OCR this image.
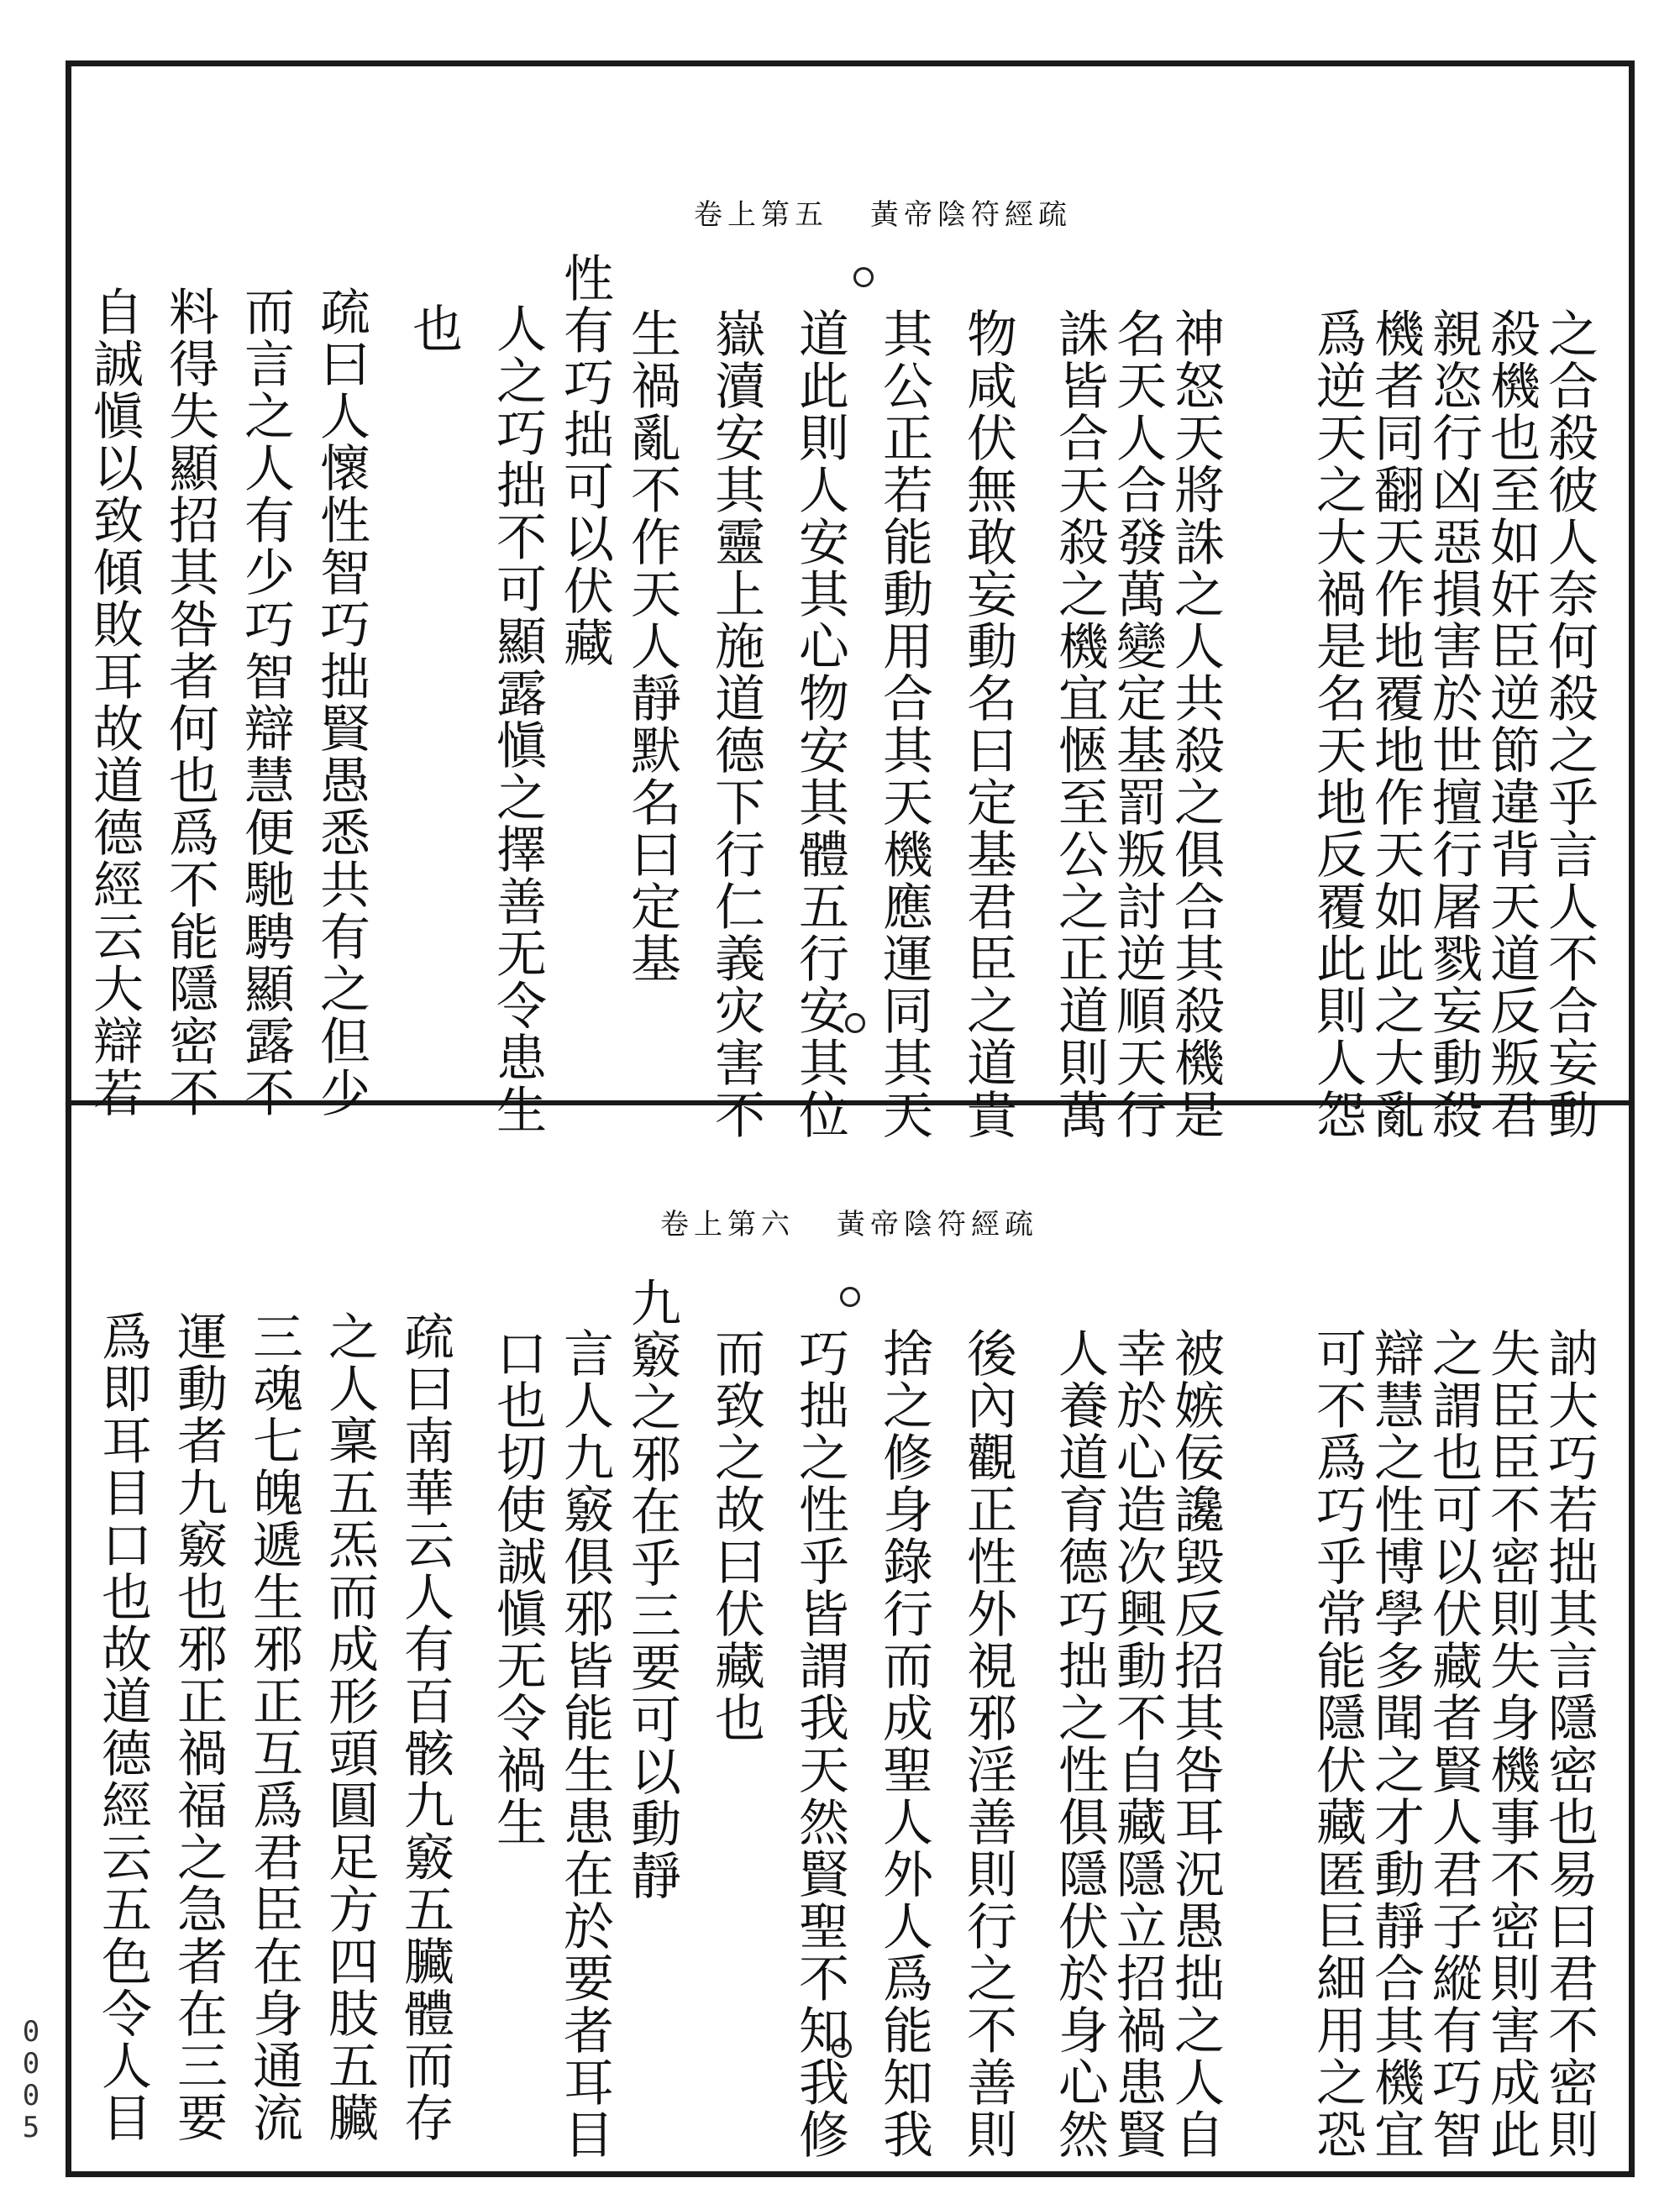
卷上第五 黃帝陰符經疏
之合殺彼人奈何殺之乎言人不合妄動
殺機也至如奸臣逆節違背天道反叛君
親恣行凶惡損害於世擅行屠戮妄動殺
機者同翻天作地覆地作天如此之大亂
爲逆天之大禍是名天地反覆此則人怨
神怒天將誅之人共殺之俱合其殺機是
名天人合發萬變定基罰叛討逆順天行
誅皆合天殺之機宜愜至公之正道則萬
物咸伏無敢妄動名曰定基君臣之道貴
其公正若能動用合其天機應運同其天
道此則人安其心物安其體五行安其位
嶽瀆安其靈上施道德下行仁義灾害不
生禍亂不作天人靜默名曰定基
性有巧拙可以伏藏
人之巧拙不可顯露愼之擇善无令患生
也
疏曰人懷性智巧拙賢愚悉共有之但少
而言之人有少巧智辯慧便馳騁顯露不
料得失顯招其咎者何也爲不能隱密不
自誠愼以致傾敗耳故道德經云大辯若
卷上第六 黃帝陰符經疏
訥大巧若拙其言隱密也易曰君不密則
失臣臣不密則失身機事不密則害成此
之謂也可以伏藏者賢人君子縱有巧智
辯慧之性博學多聞之才動靜合其機宜
可不爲巧乎常能隱伏藏匿巨細用之恐
被嫉佞讒毀反招其咎耳況愚拙之人自
幸於心造次興動不自藏隱立招禍患賢
人養道育德巧拙之性俱隱伏於身心然
後內觀正性外視邪淫善則行之不善則
捨之修身錄行而成聖人外人爲能知我
巧拙之性乎皆謂我天然賢聖不知我修
而致之故曰伏藏也
九竅之邪在乎三要可以動靜
言人九竅俱邪皆能生患在於要者耳目
口也切使誠愼无令禍生
疏曰南華云人有百骸九竅五臟體而存
之人稟五炁而成形頭圓足方四肢五臟
三魂七魄遞生邪正互爲君臣在身通流
運動者九竅也邪正禍福之急者在三要
爲即耳目口也故道德經云五色令人目
0
0
0
5
